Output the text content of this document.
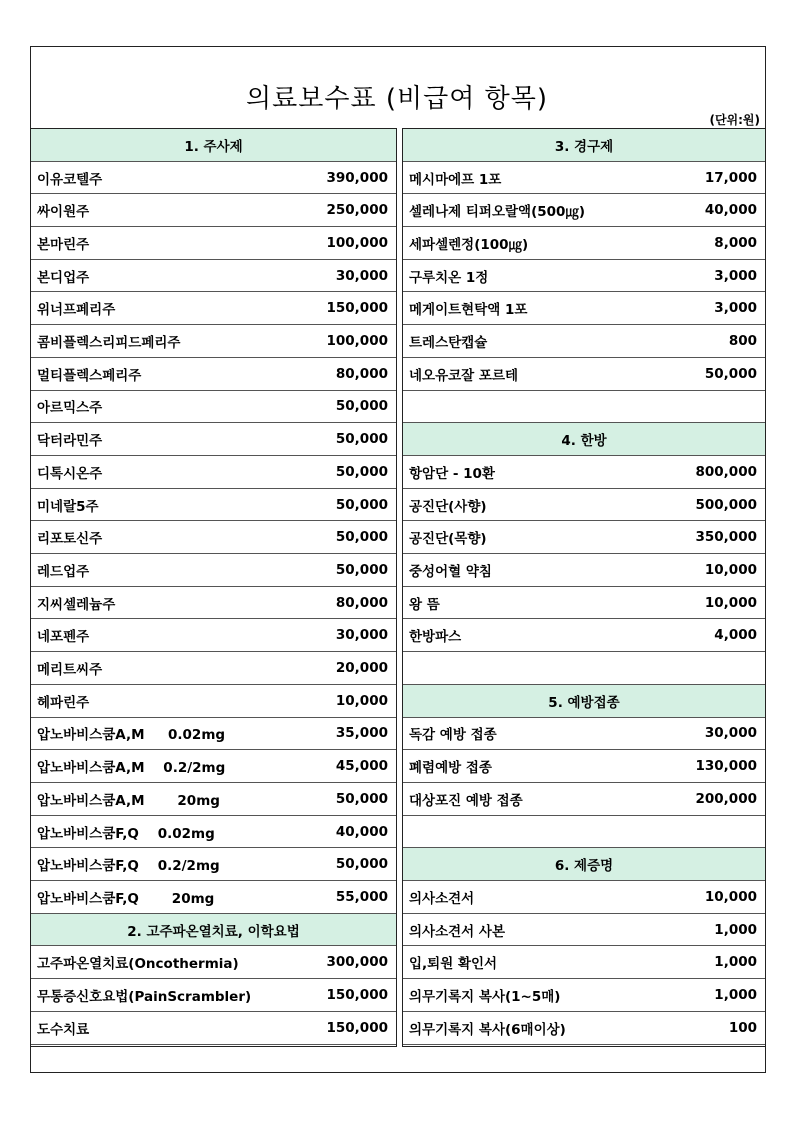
의료보수표 (비급여 항목)
(단위:원)
1. 주사제
이유코텔주	390,000
싸이원주	250,000
본마린주	100,000
본디업주	30,000
위너프페리주	150,000
콤비플렉스리피드페리주	100,000
멀티플렉스페리주	80,000
아르믹스주	50,000
닥터라민주	50,000
디톡시온주	50,000
미네랄5주	50,000
리포토신주	50,000
레드업주	50,000
지씨셀레늄주	80,000
네포펜주	30,000
메리트씨주	20,000
헤파린주	10,000
압노바비스쿰A,M     0.02mg	35,000
압노바비스쿰A,M    0.2/2mg	45,000
압노바비스쿰A,M       20mg	50,000
압노바비스쿰F,Q    0.02mg	40,000
압노바비스쿰F,Q    0.2/2mg	50,000
압노바비스쿰F,Q       20mg	55,000
2. 고주파온열치료, 이학요법
고주파온열치료(Oncothermia)	300,000
무통증신호요법(PainScrambler)	150,000
도수치료	150,000
3. 경구제
메시마에프 1포	17,000
셀레나제 티퍼오랄액(500㎍)	40,000
세파셀렌정(100㎍)	8,000
구루치온 1정	3,000
메게이트현탁액 1포	3,000
트레스탄캡슐	800
네오유코잘 포르테	50,000
4. 한방
항암단 - 10환	800,000
공진단(사향)	500,000
공진단(목향)	350,000
중성어혈 약침	10,000
왕 뜸	10,000
한방파스	4,000
5. 예방접종
독감 예방 접종	30,000
폐렴예방 접종	130,000
대상포진 예방 접종	200,000
6. 제증명
의사소견서	10,000
의사소견서 사본	1,000
입,퇴원 확인서	1,000
의무기록지 복사(1~5매)	1,000
의무기록지 복사(6매이상)	100
